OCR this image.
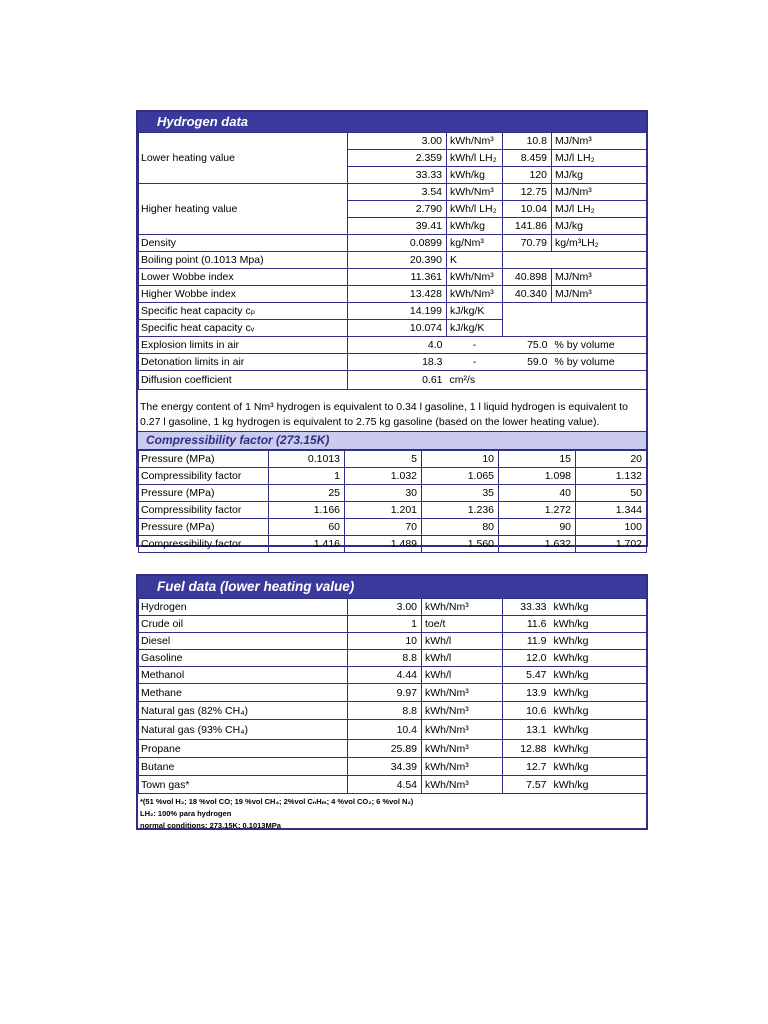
Hydrogen data
Lower heating value	3.00	kWh/Nm³	10.8	MJ/Nm³
	2.359	kWh/l LH₂	8.459	MJ/l LH₂
	33.33	kWh/kg	120	MJ/kg
Higher heating value	3.54	kWh/Nm³	12.75	MJ/Nm³
	2.790	kWh/l LH₂	10.04	MJ/l LH₂
	39.41	kWh/kg	141.86	MJ/kg
Density	0.0899	kg/Nm³	70.79	kg/m³LH₂
Boiling point (0.1013 Mpa)	20.390	K		
Lower Wobbe index	11.361	kWh/Nm³	40.898	MJ/Nm³
Higher Wobbe index	13.428	kWh/Nm³	40.340	MJ/Nm³
Specific heat capacity cₚ	14.199	kJ/kg/K		
Specific heat capacity cᵥ	10.074	kJ/kg/K		
Explosion limits in air	4.0	-	75.0	% by volume
Detonation limits in air	18.3	-	59.0	% by volume
Diffusion coefficient	0.61	cm²/s		
The energy content of 1 Nm³ hydrogen is equivalent to 0.34 l gasoline, 1 l liquid hydrogen is equivalent to 0.27 l gasoline, 1 kg hydrogen is equivalent to 2.75 kg gasoline (based on the lower heating value).
Compressibility factor (273.15K)
Pressure (MPa)	0.1013	5	10	15	20
Compressibility factor	1	1.032	1.065	1.098	1.132
Pressure (MPa)	25	30	35	40	50
Compressibility factor	1.166	1.201	1.236	1.272	1.344
Pressure (MPa)	60	70	80	90	100
Compressibility factor	1.416	1.489	1.560	1.632	1.702
Fuel data (lower heating value)
Hydrogen	3.00	kWh/Nm³	33.33	kWh/kg
Crude oil	1	toe/t	11.6	kWh/kg
Diesel	10	kWh/l	11.9	kWh/kg
Gasoline	8.8	kWh/l	12.0	kWh/kg
Methanol	4.44	kWh/l	5.47	kWh/kg
Methane	9.97	kWh/Nm³	13.9	kWh/kg
Natural gas (82% CH₄)	8.8	kWh/Nm³	10.6	kWh/kg
Natural gas (93% CH₄)	10.4	kWh/Nm³	13.1	kWh/kg
Propane	25.89	kWh/Nm³	12.88	kWh/kg
Butane	34.39	kWh/Nm³	12.7	kWh/kg
Town gas*	4.54	kWh/Nm³	7.57	kWh/kg
*(51 %vol H₂; 18 %vol CO; 19 %vol CH₄; 2%vol CₙHₘ; 4 %vol CO₂; 6 %vol N₂)
LH₂: 100% para hydrogen
normal conditions: 273.15K; 0.1013MPa
